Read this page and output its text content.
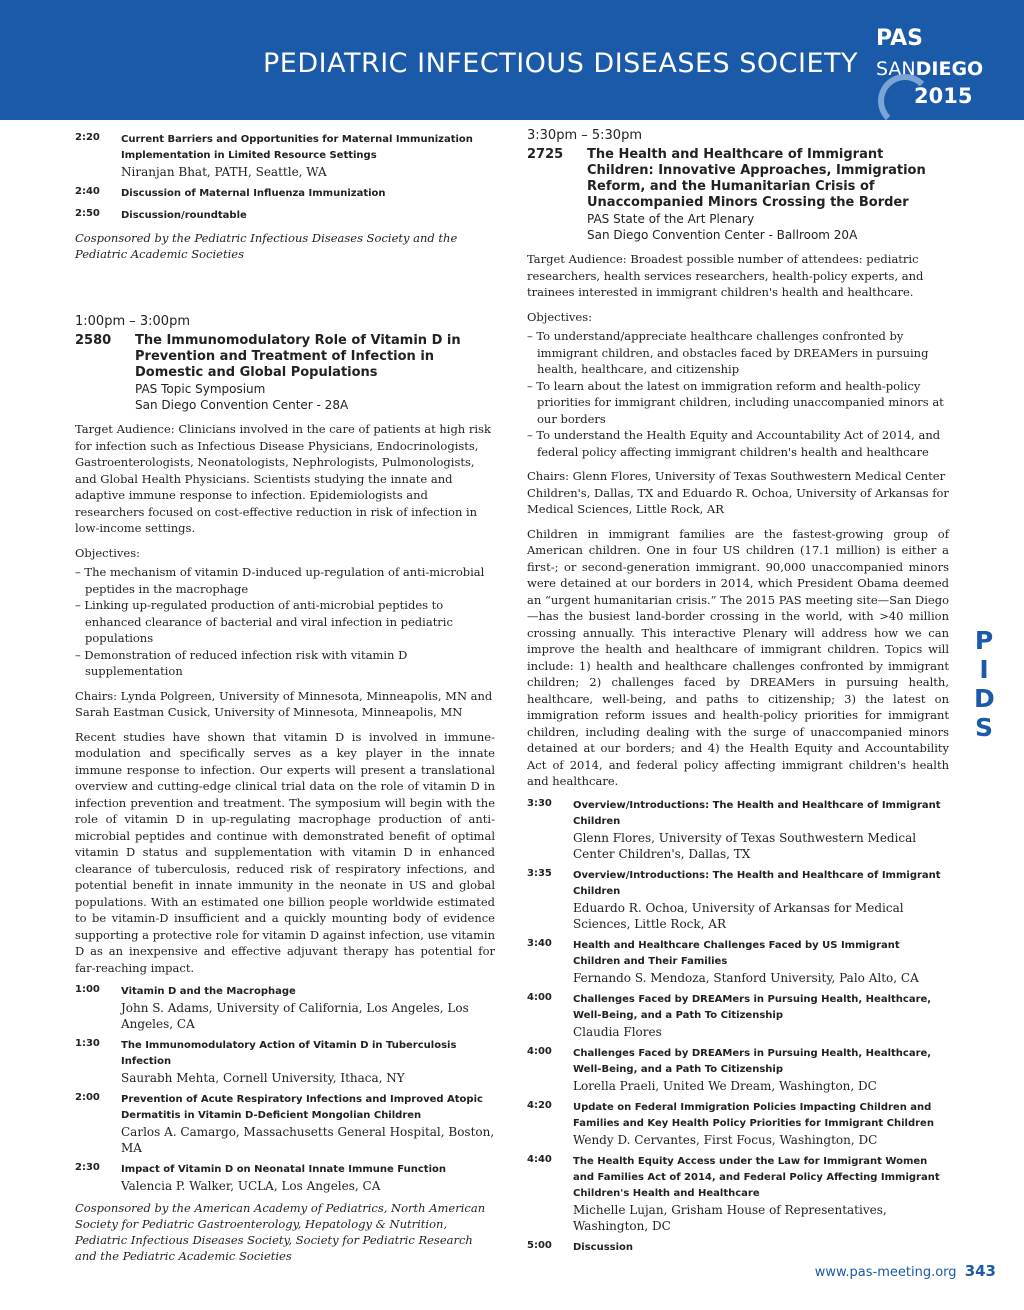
PEDIATRIC INFECTIOUS DISEASES SOCIETY
PAS
SANDIEGO
2015
2:20	Current Barriers and Opportunities for Maternal Immunization Implementation in Limited Resource Settings
Niranjan Bhat, PATH, Seattle, WA
2:40	Discussion of Maternal Influenza Immunization
2:50	Discussion/roundtable
Cosponsored by the Pediatric Infectious Diseases Society and the Pediatric Academic Societies
1:00pm – 3:00pm
2580	The Immunomodulatory Role of Vitamin D in Prevention and Treatment of Infection in Domestic and Global Populations
PAS Topic Symposium
San Diego Convention Center - 28A
Target Audience: Clinicians involved in the care of patients at high risk for infection such as Infectious Disease Physicians, Endocrinologists, Gastroenterologists, Neonatologists, Nephrologists, Pulmonologists, and Global Health Physicians. Scientists studying the innate and adaptive immune response to infection. Epidemiologists and researchers focused on cost-effective reduction in risk of infection in low-income settings.
Objectives:
– The mechanism of vitamin D-induced up-regulation of anti-microbial peptides in the macrophage
– Linking up-regulated production of anti-microbial peptides to enhanced clearance of bacterial and viral infection in pediatric populations
– Demonstration of reduced infection risk with vitamin D supplementation
Chairs: Lynda Polgreen, University of Minnesota, Minneapolis, MN and Sarah Eastman Cusick, University of Minnesota, Minneapolis, MN
Recent studies have shown that vitamin D is involved in immune-modulation and specifically serves as a key player in the innate immune response to infection. Our experts will present a translational overview and cutting-edge clinical trial data on the role of vitamin D in infection prevention and treatment. The symposium will begin with the role of vitamin D in up-regulating macrophage production of anti-microbial peptides and continue with demonstrated benefit of optimal vitamin D status and supplementation with vitamin D in enhanced clearance of tuberculosis, reduced risk of respiratory infections, and potential benefit in innate immunity in the neonate in US and global populations. With an estimated one billion people worldwide estimated to be vitamin-D insufficient and a quickly mounting body of evidence supporting a protective role for vitamin D against infection, use vitamin D as an inexpensive and effective adjuvant therapy has potential for far-reaching impact.
1:00	Vitamin D and the Macrophage
John S. Adams, University of California, Los Angeles, Los Angeles, CA
1:30	The Immunomodulatory Action of Vitamin D in Tuberculosis Infection
Saurabh Mehta, Cornell University, Ithaca, NY
2:00	Prevention of Acute Respiratory Infections and Improved Atopic Dermatitis in Vitamin D-Deficient Mongolian Children
Carlos A. Camargo, Massachusetts General Hospital, Boston, MA
2:30	Impact of Vitamin D on Neonatal Innate Immune Function
Valencia P. Walker, UCLA, Los Angeles, CA
Cosponsored by the American Academy of Pediatrics, North American Society for Pediatric Gastroenterology, Hepatology & Nutrition, Pediatric Infectious Diseases Society, Society for Pediatric Research and the Pediatric Academic Societies
3:30pm – 5:30pm
2725	The Health and Healthcare of Immigrant Children: Innovative Approaches, Immigration Reform, and the Humanitarian Crisis of Unaccompanied Minors Crossing the Border
PAS State of the Art Plenary
San Diego Convention Center - Ballroom 20A
Target Audience: Broadest possible number of attendees: pediatric researchers, health services researchers, health-policy experts, and trainees interested in immigrant children's health and healthcare.
Objectives:
– To understand/appreciate healthcare challenges confronted by immigrant children, and obstacles faced by DREAMers in pursuing health, healthcare, and citizenship
– To learn about the latest on immigration reform and health-policy priorities for immigrant children, including unaccompanied minors at our borders
– To understand the Health Equity and Accountability Act of 2014, and federal policy affecting immigrant children's health and healthcare
Chairs: Glenn Flores, University of Texas Southwestern Medical Center Children's, Dallas, TX and Eduardo R. Ochoa, University of Arkansas for Medical Sciences, Little Rock, AR
Children in immigrant families are the fastest-growing group of American children. One in four US children (17.1 million) is either a first-; or second-generation immigrant. 90,000 unaccompanied minors were detained at our borders in 2014, which President Obama deemed an “urgent humanitarian crisis.” The 2015 PAS meeting site—San Diego—has the busiest land-border crossing in the world, with >40 million crossing annually. This interactive Plenary will address how we can improve the health and healthcare of immigrant children. Topics will include: 1) health and healthcare challenges confronted by immigrant children; 2) challenges faced by DREAMers in pursuing health, healthcare, well-being, and paths to citizenship; 3) the latest on immigration reform issues and health-policy priorities for immigrant children, including dealing with the surge of unaccompanied minors detained at our borders; and 4) the Health Equity and Accountability Act of 2014, and federal policy affecting immigrant children's health and healthcare.
3:30	Overview/Introductions: The Health and Healthcare of Immigrant Children
Glenn Flores, University of Texas Southwestern Medical Center Children's, Dallas, TX
3:35	Overview/Introductions: The Health and Healthcare of Immigrant Children
Eduardo R. Ochoa, University of Arkansas for Medical Sciences, Little Rock, AR
3:40	Health and Healthcare Challenges Faced by US Immigrant Children and Their Families
Fernando S. Mendoza, Stanford University, Palo Alto, CA
4:00	Challenges Faced by DREAMers in Pursuing Health, Healthcare, Well-Being, and a Path To Citizenship
Claudia Flores
4:00	Challenges Faced by DREAMers in Pursuing Health, Healthcare, Well-Being, and a Path To Citizenship
Lorella Praeli, United We Dream, Washington, DC
4:20	Update on Federal Immigration Policies Impacting Children and Families and Key Health Policy Priorities for Immigrant Children
Wendy D. Cervantes, First Focus, Washington, DC
4:40	The Health Equity Access under the Law for Immigrant Women and Families Act of 2014, and Federal Policy Affecting Immigrant Children's Health and Healthcare
Michelle Lujan, Grisham House of Representatives, Washington, DC
5:00	Discussion
P
I
D
S
www.pas-meeting.org 343
